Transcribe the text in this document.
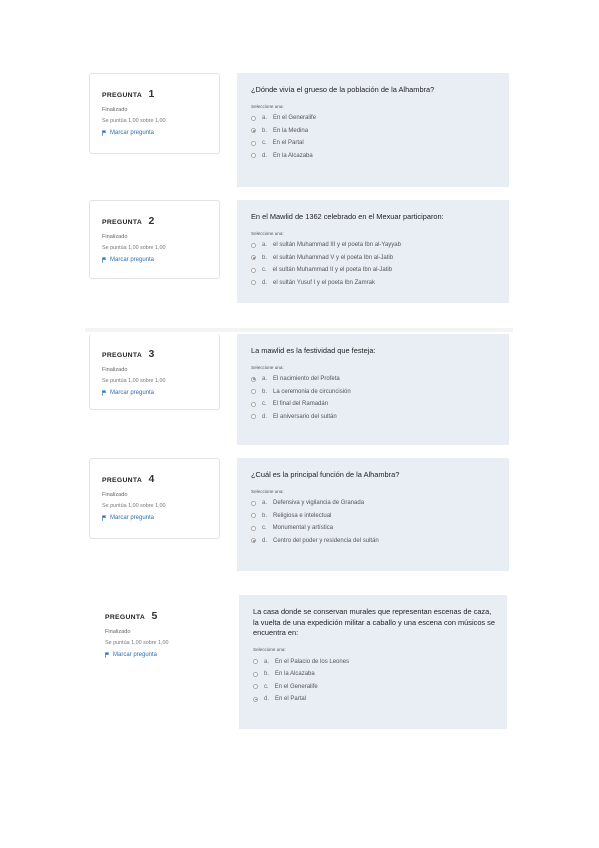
PREGUNTA 1
Finalizado
Se puntúa 1,00 sobre 1,00
Marcar pregunta
¿Dónde vivía el grueso de la población de la Alhambra?
Seleccione una:
a. En el Generalife
b. En la Medina
c. En el Partal
d. En la Alcazaba
PREGUNTA 2
Finalizado
Se puntúa 1,00 sobre 1,00
Marcar pregunta
En el Mawlid de 1362 celebrado en el Mexuar participaron:
Seleccione una:
a. el sultán Muhammad III y el poeta Ibn al-Yayyab
b. el sultán Muhammad V y el poeta Ibn al-Jatib
c. el sultán Muhammad II y el poeta Ibn al-Jatib
d. el sultán Yusuf I y el poeta Ibn Zamrak
PREGUNTA 3
Finalizado
Se puntúa 1,00 sobre 1,00
Marcar pregunta
La mawlid es la festividad que festeja:
Seleccione una:
a. El nacimiento del Profeta
b. La ceremonia de circuncisión
c. El final del Ramadán
d. El aniversario del sultán
PREGUNTA 4
Finalizado
Se puntúa 1,00 sobre 1,00
Marcar pregunta
¿Cuál es la principal función de la Alhambra?
Seleccione una:
a. Defensiva y vigilancia de Granada
b. Religiosa e intelectual
c. Monumental y artística
d. Centro del poder y residencia del sultán
PREGUNTA 5
Finalizado
Se puntúa 1,00 sobre 1,00
Marcar pregunta
La casa donde se conservan murales que representan escenas de caza, la vuelta de una expedición militar a caballo y una escena con músicos se encuentra en:
Seleccione una:
a. En el Palacio de los Leones
b. En la Alcazaba
c. En el Generalife
d. En el Partal
